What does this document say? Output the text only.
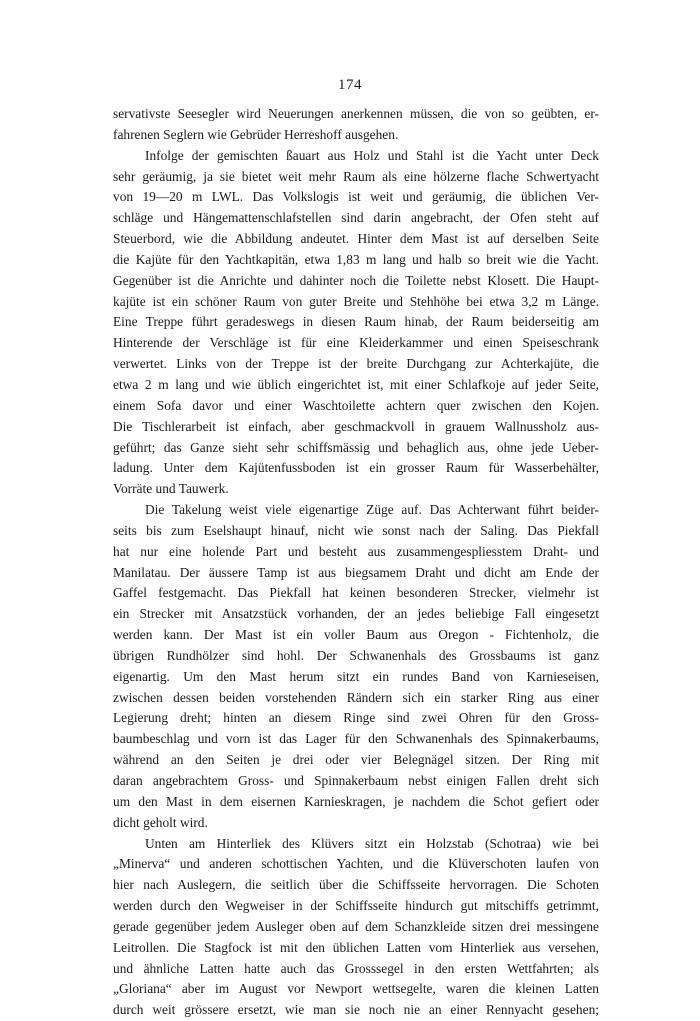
174
servativste Seesegler wird Neuerungen anerkennen müssen, die von so geübten, er-
fahrenen Seglern wie Gebrüder Herreshoff ausgehen.
Infolge der gemischten ßauart aus Holz und Stahl ist die Yacht unter Deck
sehr geräumig, ja sie bietet weit mehr Raum als eine hölzerne flache Schwertyacht
von 19—20 m LWL. Das Volkslogis ist weit und geräumig, die üblichen Ver-
schläge und Hängemattenschlafstellen sind darin angebracht, der Ofen steht auf
Steuerbord, wie die Abbildung andeutet. Hinter dem Mast ist auf derselben Seite
die Kajüte für den Yachtkapitän, etwa 1,83 m lang und halb so breit wie die Yacht.
Gegenüber ist die Anrichte und dahinter noch die Toilette nebst Klosett. Die Haupt-
kajüte ist ein schöner Raum von guter Breite und Stehhöhe bei etwa 3,2 m Länge.
Eine Treppe führt geradeswegs in diesen Raum hinab, der Raum beiderseitig am
Hinterende der Verschläge ist für eine Kleiderkammer und einen Speiseschrank
verwertet. Links von der Treppe ist der breite Durchgang zur Achterkajüte, die
etwa 2 m lang und wie üblich eingerichtet ist, mit einer Schlafkoje auf jeder Seite,
einem Sofa davor und einer Waschtoilette achtern quer zwischen den Kojen.
Die Tischlerarbeit ist einfach, aber geschmackvoll in grauem Wallnussholz aus-
geführt; das Ganze sieht sehr schiffsmässig und behaglich aus, ohne jede Ueber-
ladung. Unter dem Kajütenfussboden ist ein grosser Raum für Wasserbehälter,
Vorräte und Tauwerk.
Die Takelung weist viele eigenartige Züge auf. Das Achterwant führt beider-
seits bis zum Eselshaupt hinauf, nicht wie sonst nach der Saling. Das Piekfall
hat nur eine holende Part und besteht aus zusammengespliesstem Draht- und
Manilatau. Der äussere Tamp ist aus biegsamem Draht und dicht am Ende der
Gaffel festgemacht. Das Piekfall hat keinen besonderen Strecker, vielmehr ist
ein Strecker mit Ansatzstück vorhanden, der an jedes beliebige Fall eingesetzt
werden kann. Der Mast ist ein voller Baum aus Oregon - Fichtenholz, die
übrigen Rundhölzer sind hohl. Der Schwanenhals des Grossbaums ist ganz
eigenartig. Um den Mast herum sitzt ein rundes Band von Karnieseisen,
zwischen dessen beiden vorstehenden Rändern sich ein starker Ring aus einer
Legierung dreht; hinten an diesem Ringe sind zwei Ohren für den Gross-
baumbeschlag und vorn ist das Lager für den Schwanenhals des Spinnakerbaums,
während an den Seiten je drei oder vier Belegnägel sitzen. Der Ring mit
daran angebrachtem Gross- und Spinnakerbaum nebst einigen Fallen dreht sich
um den Mast in dem eisernen Karnieskragen, je nachdem die Schot gefiert oder
dicht geholt wird.
Unten am Hinterliek des Klüvers sitzt ein Holzstab (Schotraa) wie bei
„Minerva“ und anderen schottischen Yachten, und die Klüverschoten laufen von
hier nach Auslegern, die seitlich über die Schiffsseite hervorragen. Die Schoten
werden durch den Wegweiser in der Schiffsseite hindurch gut mitschiffs getrimmt,
gerade gegenüber jedem Ausleger oben auf dem Schanzkleide sitzen drei messingene
Leitrollen. Die Stagfock ist mit den üblichen Latten vom Hinterliek aus versehen,
und ähnliche Latten hatte auch das Grosssegel in den ersten Wettfahrten; als
„Gloriana“ aber im August vor Newport wettsegelte, waren die kleinen Latten
durch weit grössere ersetzt, wie man sie noch nie an einer Rennyacht gesehen;
